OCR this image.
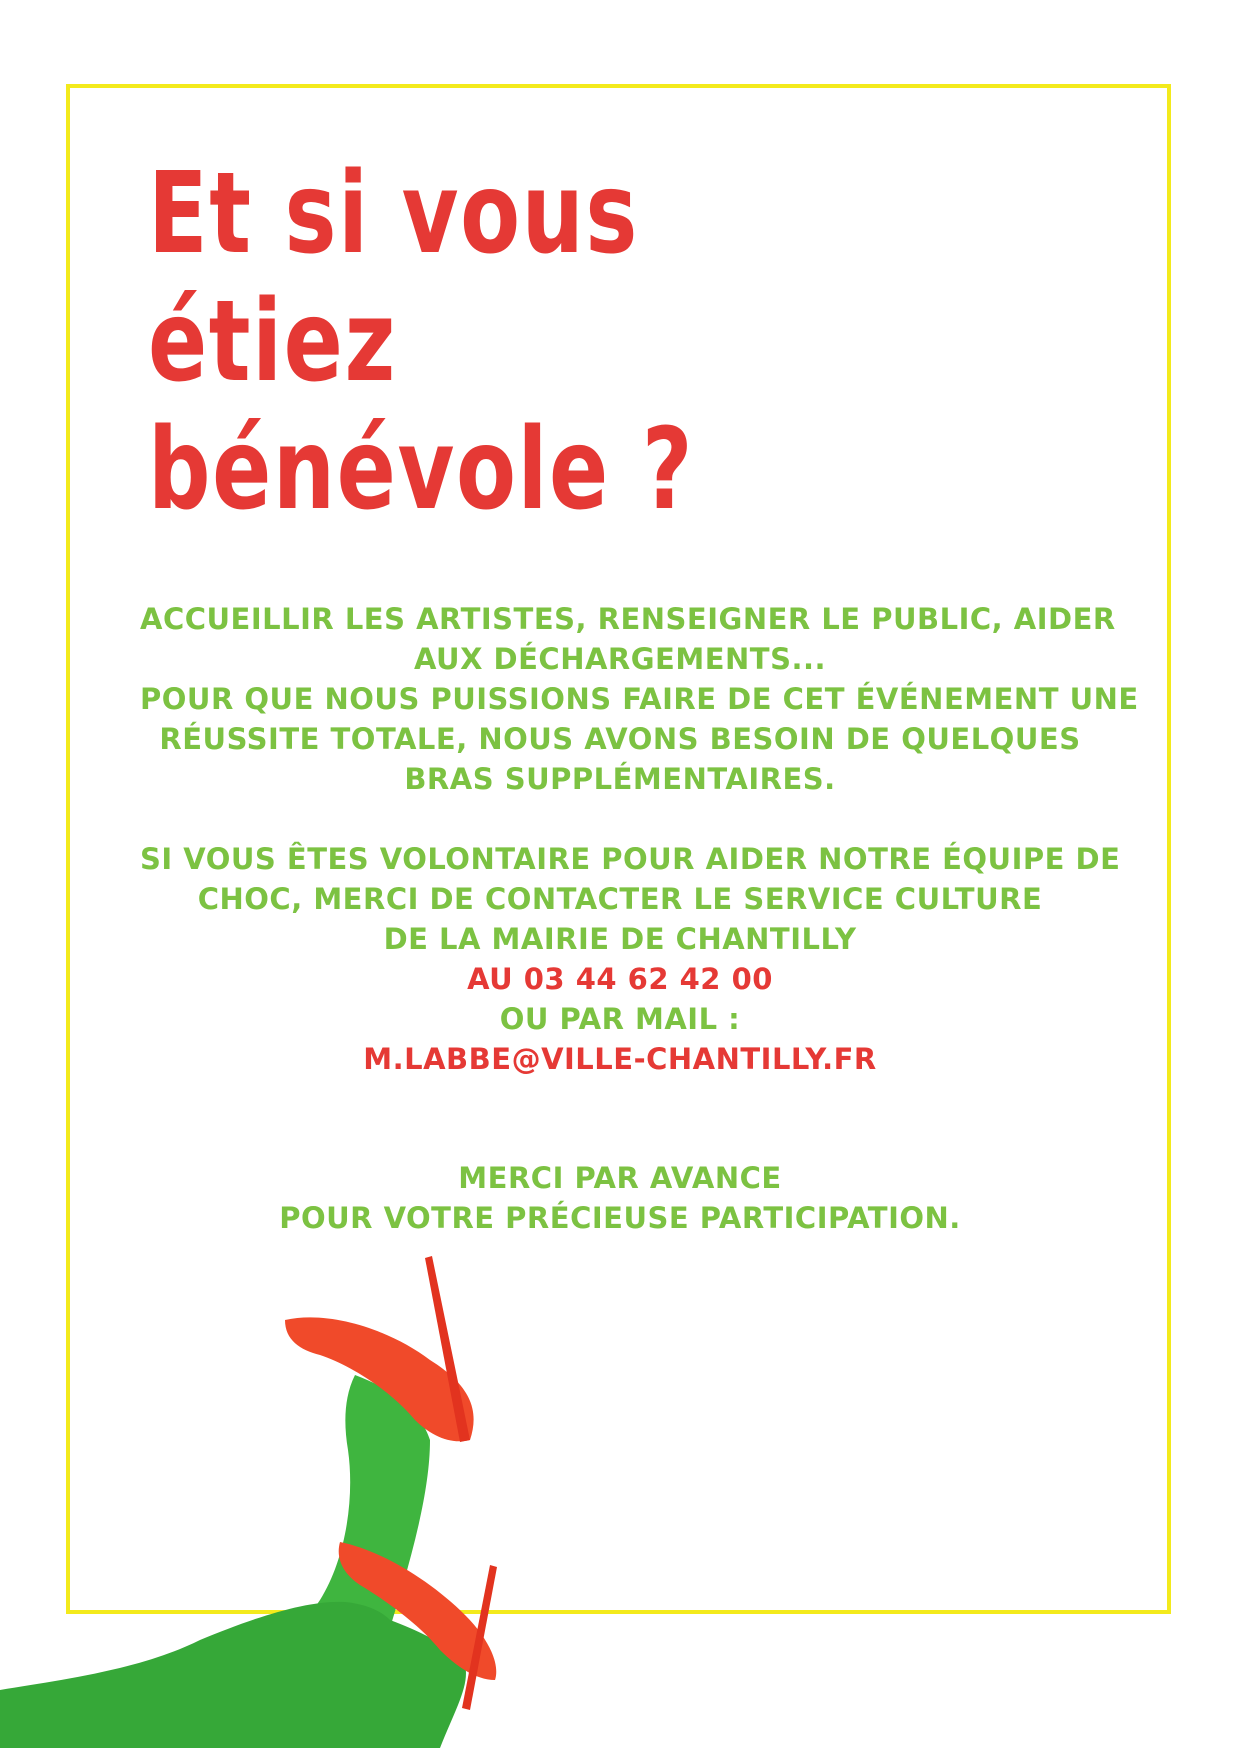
Et si vous étiez
bénévole ?
ACCUEILLIR LES ARTISTES, RENSEIGNER LE PUBLIC, AIDER
AUX DÉCHARGEMENTS...
POUR QUE NOUS PUISSIONS FAIRE DE CET ÉVÉNEMENT UNE
RÉUSSITE TOTALE, NOUS AVONS BESOIN DE QUELQUES
BRAS SUPPLÉMENTAIRES.
SI VOUS ÊTES VOLONTAIRE POUR AIDER NOTRE ÉQUIPE DE
CHOC, MERCI DE CONTACTER LE SERVICE CULTURE
DE LA MAIRIE DE CHANTILLY
AU 03 44 62 42 00
OU PAR MAIL :
M.LABBE@VILLE-CHANTILLY.FR
MERCI PAR AVANCE
POUR VOTRE PRÉCIEUSE PARTICIPATION.
